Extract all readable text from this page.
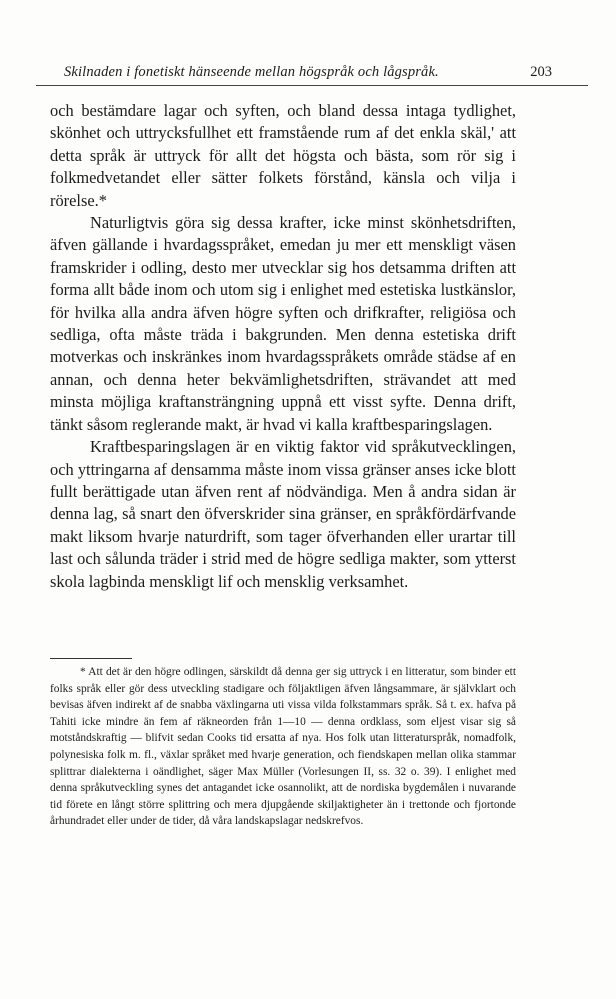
Skilnaden i fonetiskt hänseende mellan högspråk och lågspråk.	203

och bestämdare lagar och syften, och bland dessa intaga tydlighet, skönhet och uttrycksfullhet ett framstående rum af det enkla skäl,' att detta språk är uttryck för allt det högsta och bästa, som rör sig i folkmedvetandet eller sätter folkets förstånd, känsla och vilja i rörelse.*

Naturligtvis göra sig dessa krafter, icke minst skönhetsdriften, äfven gällande i hvardagsspråket, emedan ju mer ett menskligt väsen framskrider i odling, desto mer utvecklar sig hos detsamma driften att forma allt både inom och utom sig i enlighet med estetiska lustkänslor, för hvilka alla andra äfven högre syften och drifkrafter, religiösa och sedliga, ofta måste träda i bakgrunden. Men denna estetiska drift motverkas och inskränkes inom hvardagsspråkets område städse af en annan, och denna heter bekvämlighetsdriften, strävandet att med minsta möjliga kraftansträngning uppnå ett visst syfte. Denna drift, tänkt såsom reglerande makt, är hvad vi kalla kraftbesparingslagen.

Kraftbesparingslagen är en viktig faktor vid språkutvecklingen, och yttringarna af densamma måste inom vissa gränser anses icke blott fullt berättigade utan äfven rent af nödvändiga. Men å andra sidan är denna lag, så snart den öfverskrider sina gränser, en språkfördärfvande makt liksom hvarje naturdrift, som tager öfverhanden eller urartar till last och sålunda träder i strid med de högre sedliga makter, som ytterst skola lagbinda menskligt lif och mensklig verksamhet.

* Att det är den högre odlingen, särskildt då denna ger sig uttryck i en litteratur, som binder ett folks språk eller gör dess utveckling stadigare och följaktligen äfven långsammare, är självklart och bevisas äfven indirekt af de snabba växlingarna uti vissa vilda folkstammars språk. Så t. ex. hafva på Tahiti icke mindre än fem af räkneorden från 1—10 — denna ordklass, som eljest visar sig så motståndskraftig — blifvit sedan Cooks tid ersatta af nya. Hos folk utan litteraturspråk, nomadfolk, polynesiska folk m. fl., växlar språket med hvarje generation, och fiendskapen mellan olika stammar splittrar dialekterna i oändlighet, säger Max Müller (Vorlesungen II, ss. 32 o. 39). I enlighet med denna språkutveckling synes det antagandet icke osannolikt, att de nordiska bygdemålen i nuvarande tid förete en långt större splittring och mera djupgående skiljaktigheter än i trettonde och fjortonde århundradet eller under de tider, då våra landskapslagar nedskrefvos.
